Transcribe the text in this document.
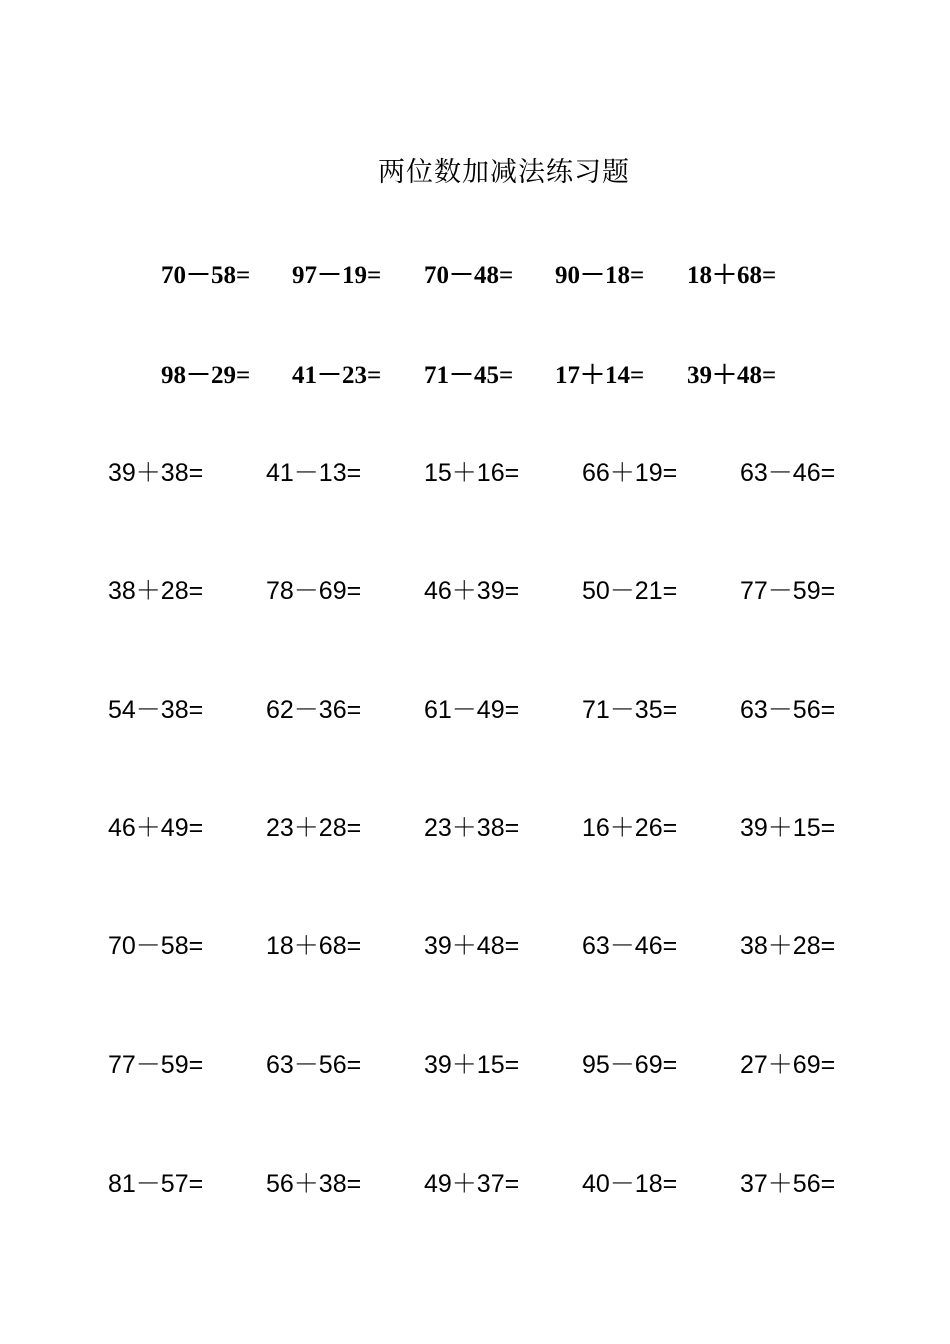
两位数加减法练习题
70－58= 97－19= 70－48= 90－18= 18＋68=
98－29= 41－23= 71－45= 17＋14= 39＋48=
39＋38=	41－13=	15＋16=	66＋19=	63－46=
38＋28=	78－69=	46＋39=	50－21=	77－59=
54－38=	62－36=	61－49=	71－35=	63－56=
46＋49=	23＋28=	23＋38=	16＋26=	39＋15=
70－58=	18＋68=	39＋48=	63－46=	38＋28=
77－59=	63－56=	39＋15=	95－69=	27＋69=
81－57=	56＋38=	49＋37=	40－18=	37＋56=
